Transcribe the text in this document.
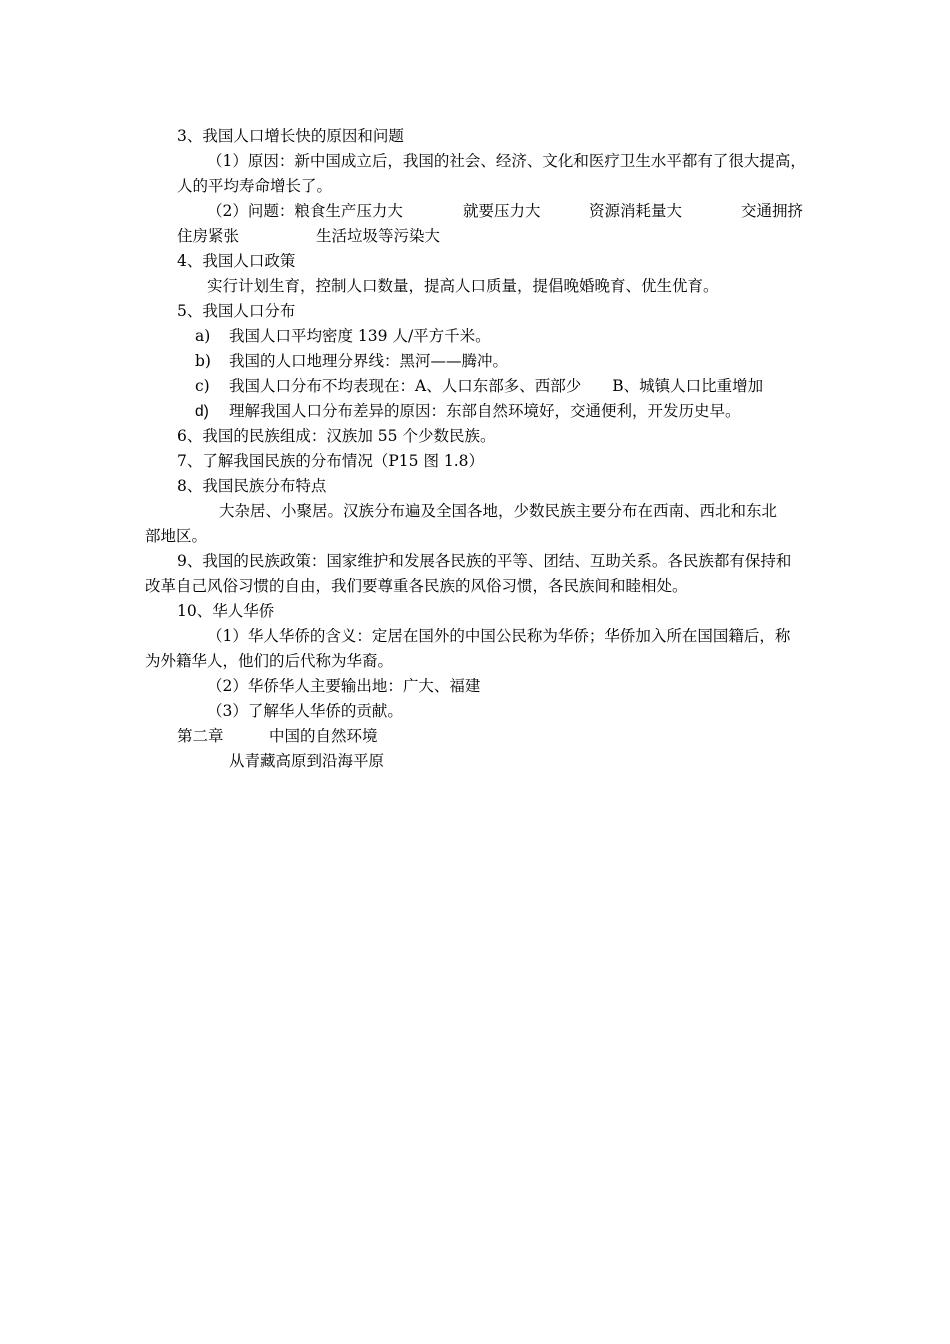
3、我国人口增长快的原因和问题
（1）原因：新中国成立后，我国的社会、经济、文化和医疗卫生水平都有了很大提高，
人的平均寿命增长了。
（2）问题：粮食生产压力大	就要压力大	资源消耗量大	交通拥挤
住房紧张	生活垃圾等污染大
4、我国人口政策
实行计划生育，控制人口数量，提高人口质量，提倡晚婚晚育、优生优育。
5、我国人口分布
a) 我国人口平均密度 139 人/平方千米。
b) 我国的人口地理分界线：黑河——腾冲。
c) 我国人口分布不均表现在：A、人口东部多、西部少　　B、城镇人口比重增加
d) 理解我国人口分布差异的原因：东部自然环境好，交通便利，开发历史早。
6、我国的民族组成：汉族加 55 个少数民族。
7、了解我国民族的分布情况（P15 图 1.8）
8、我国民族分布特点
大杂居、小聚居。汉族分布遍及全国各地，少数民族主要分布在西南、西北和东北
部地区。
9、我国的民族政策：国家维护和发展各民族的平等、团结、互助关系。各民族都有保持和
改革自己风俗习惯的自由，我们要尊重各民族的风俗习惯，各民族间和睦相处。
10、华人华侨
（1）华人华侨的含义：定居在国外的中国公民称为华侨；华侨加入所在国国籍后，称
为外籍华人，他们的后代称为华裔。
（2）华侨华人主要输出地：广大、福建
（3）了解华人华侨的贡献。
第二章	中国的自然环境
从青藏高原到沿海平原
